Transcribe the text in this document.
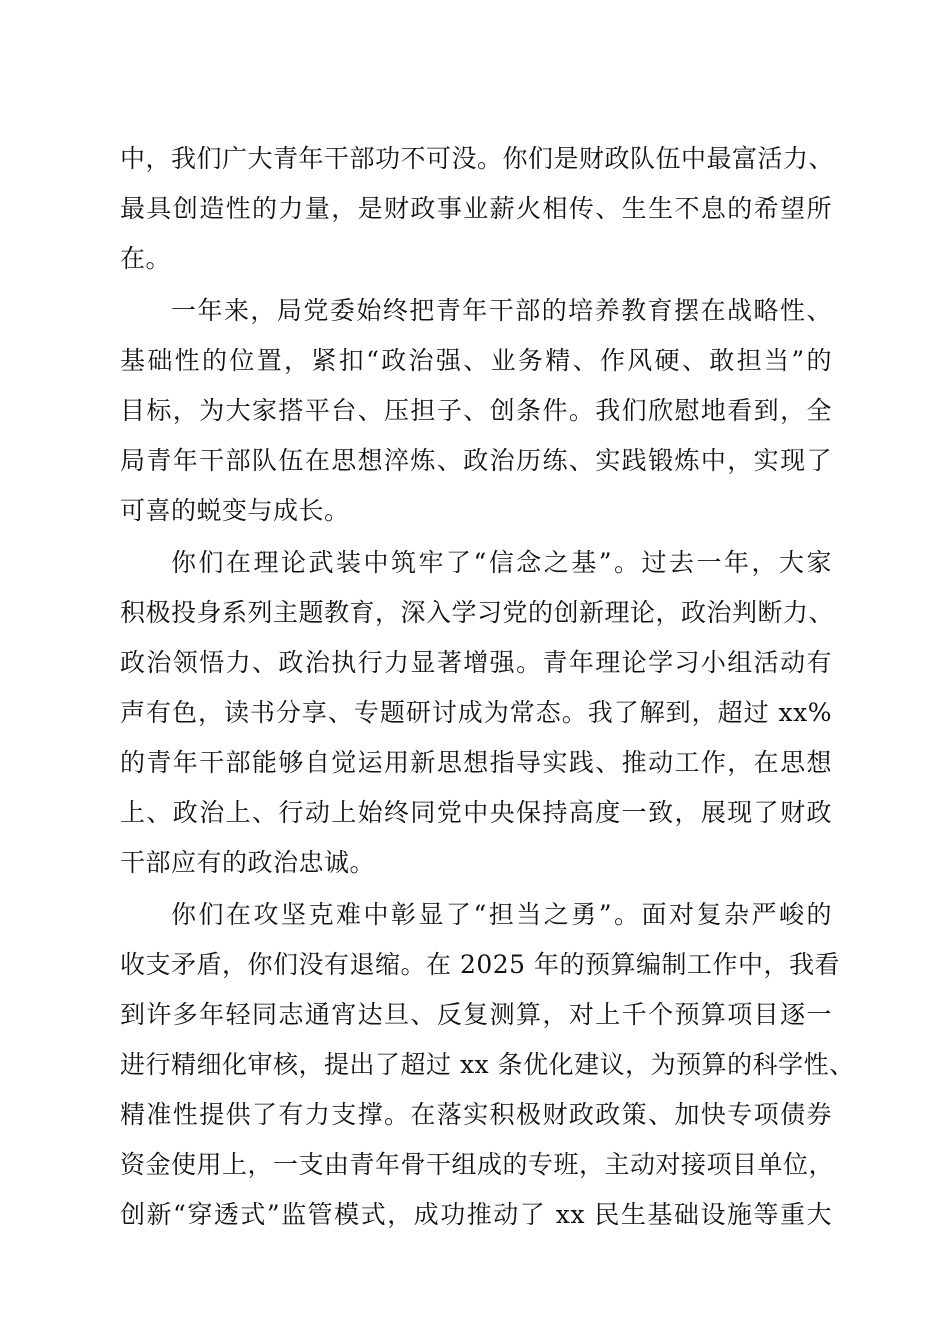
中，我们广大青年干部功不可没。你们是财政队伍中最富活力、
最具创造性的力量，是财政事业薪火相传、生生不息的希望所
在。
一年来，局党委始终把青年干部的培养教育摆在战略性、
基础性的位置，紧扣“政治强、业务精、作风硬、敢担当”的
目标，为大家搭平台、压担子、创条件。我们欣慰地看到，全
局青年干部队伍在思想淬炼、政治历练、实践锻炼中，实现了
可喜的蜕变与成长。
你们在理论武装中筑牢了“信念之基”。过去一年，大家
积极投身系列主题教育，深入学习党的创新理论，政治判断力、
政治领悟力、政治执行力显著增强。青年理论学习小组活动有
声有色，读书分享、专题研讨成为常态。我了解到，超过 xx%
的青年干部能够自觉运用新思想指导实践、推动工作，在思想
上、政治上、行动上始终同党中央保持高度一致，展现了财政
干部应有的政治忠诚。
你们在攻坚克难中彰显了“担当之勇”。面对复杂严峻的
收支矛盾，你们没有退缩。在 2025 年的预算编制工作中，我看
到许多年轻同志通宵达旦、反复测算，对上千个预算项目逐一
进行精细化审核，提出了超过 xx 条优化建议，为预算的科学性、
精准性提供了有力支撑。在落实积极财政政策、加快专项债券
资金使用上，一支由青年骨干组成的专班，主动对接项目单位，
创新“穿透式”监管模式，成功推动了 xx 民生基础设施等重大
